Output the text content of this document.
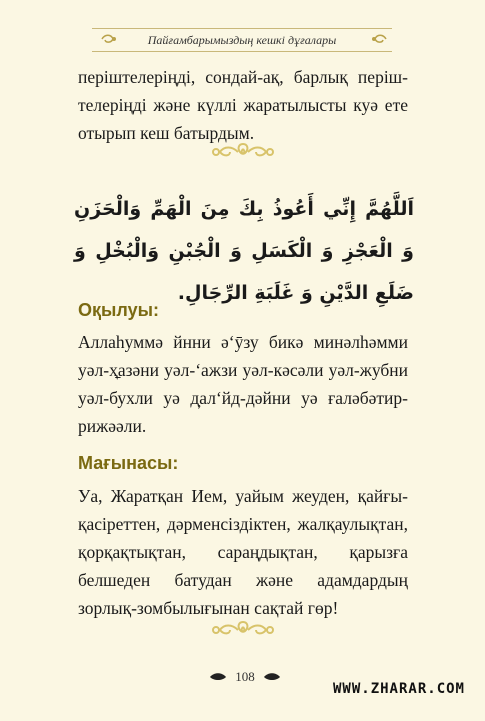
Пайғамбарымыздың кешкі дұғалары

періштелеріңді, сондай-ақ, барлық періштелеріңді және күллі жаратылысты куә ете отырып кеш батырдым.

اَللَّهُمَّ إِنِّي أَعُوذُ بِكَ مِنَ الْهَمِّ وَالْحَزَنِ وَ الْعَجْزِ وَ الْكَسَلِ وَ الْجُبْنِ وَالْبُخْلِ وَ ضَلَعِ الدَّيْنِ وَ غَلَبَةِ الرِّجَالِ.

Оқылуы:

Аллаһуммә йнни ә‘ӯзу бикә минәлһәмми уәл-ҳ̱азәни уәл-‘ажзи уәл-кәсәли уәл-жубни уәл-бухли уә д̦ал‘йд-дәйни уә ғаләбәтир-рижәәли.

Мағынасы:

Уа, Жаратқан Ием, уайым жеуден, қайғы-қасіреттен, дәрменсіздіктен, жалқаулықтан, қорқақтықтан, сараңдықтан, қарызға белшеден батудан және адамдардың зорлық-зомбылығынан сақтай гөр!

108
WWW.ZHARAR.COM
